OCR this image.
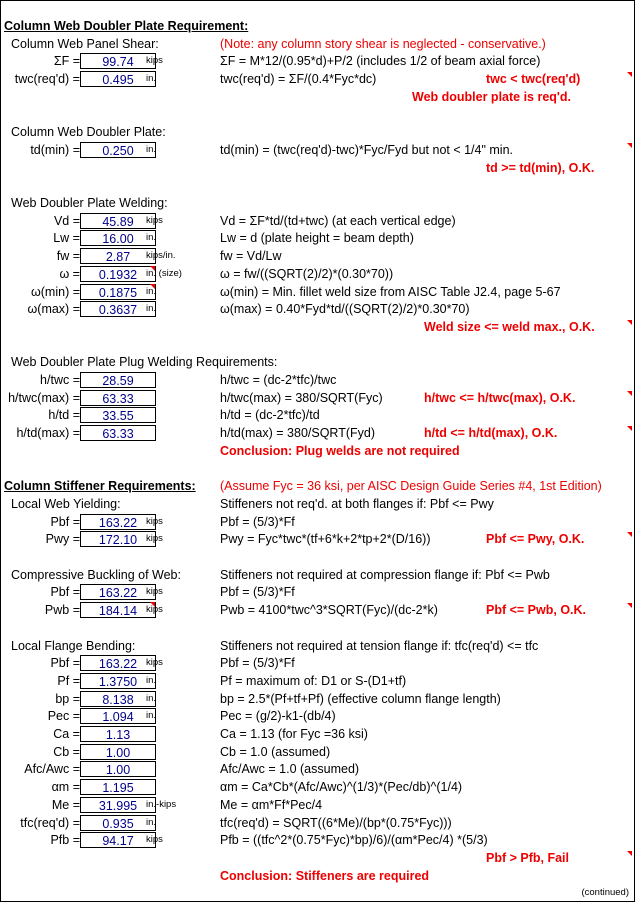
Column Web Doubler Plate Requirement:
Column Web Panel Shear:	(Note: any column story shear is neglected - conservative.)
ΣF =	99.74	kips	ΣF = M*12/(0.95*d)+P/2 (includes 1/2 of beam axial force)
twc(req'd) =	0.495	in.	twc(req'd) = ΣF/(0.4*Fyc*dc)	twc < twc(req'd)
Web doubler plate is req'd.
Column Web Doubler Plate:
td(min) =	0.250	in.	td(min) = (twc(req'd)-twc)*Fyc/Fyd but not < 1/4" min.
td >= td(min), O.K.
Web Doubler Plate Welding:
Vd =	45.89	kips	Vd = ΣF*td/(td+twc) (at each vertical edge)
Lw =	16.00	in.	Lw = d (plate height = beam depth)
fw =	2.87	kips/in.	fw = Vd/Lw
ω =	0.1932 in. (size)	ω = fw/((SQRT(2)/2)*(0.30*70))
ω(min) =	0.1875 in.	ω(min) = Min. fillet weld size from AISC Table J2.4, page 5-67
ω(max) =	0.3637 in.	ω(max) = 0.40*Fyd*td/((SQRT(2)/2)*0.30*70)
Weld size <= weld max., O.K.
Web Doubler Plate Plug Welding Requirements:
h/twc =	28.59	h/twc = (dc-2*tfc)/twc
h/twc(max) =	63.33	h/twc(max) = 380/SQRT(Fyc)	h/twc <= h/twc(max), O.K.
h/td =	33.55	h/td = (dc-2*tfc)/td
h/td(max) =	63.33	h/td(max) = 380/SQRT(Fyd)	h/td <= h/td(max), O.K.
Conclusion: Plug welds are not required
Column Stiffener Requirements: (Assume Fyc = 36 ksi, per AISC Design Guide Series #4, 1st Edition)
Local Web Yielding:	Stiffeners not req'd. at both flanges if: Pbf <= Pwy
Pbf =	163.22 kips	Pbf = (5/3)*Ff
Pwy =	172.10 kips	Pwy = Fyc*twc*(tf+6*k+2*tp+2*(D/16))	Pbf <= Pwy, O.K.
Compressive Buckling of Web:	Stiffeners not required at compression flange if: Pbf <= Pwb
Pbf =	163.22 kips	Pbf = (5/3)*Ff
Pwb =	184.14 kips	Pwb = 4100*twc^3*SQRT(Fyc)/(dc-2*k)	Pbf <= Pwb, O.K.
Local Flange Bending:	Stiffeners not required at tension flange if: tfc(req'd) <= tfc
Pbf =	163.22 kips	Pbf = (5/3)*Ff
Pf =	1.3750 in.	Pf = maximum of: D1 or S-(D1+tf)
bp =	8.138	in.	bp = 2.5*(Pf+tf+Pf) (effective column flange length)
Pec =	1.094	in.	Pec = (g/2)-k1-(db/4)
Ca =	1.13	Ca = 1.13 (for Fyc =36 ksi)
Cb =	1.00	Cb = 1.0 (assumed)
Afc/Awc =	1.00	Afc/Awc = 1.0 (assumed)
αm =	1.195	αm = Ca*Cb*(Afc/Awc)^(1/3)*(Pec/db)^(1/4)
Me =	31.995 in.-kips	Me = αm*Ff*Pec/4
tfc(req'd) =	0.935	in.	tfc(req'd) = SQRT((6*Me)/(bp*(0.75*Fyc)))
Pfb =	94.17	kips	Pfb = ((tfc^2*(0.75*Fyc)*bp)/6)/(αm*Pec/4) *(5/3)
Pbf > Pfb, Fail
Conclusion: Stiffeners are required
(continued)
